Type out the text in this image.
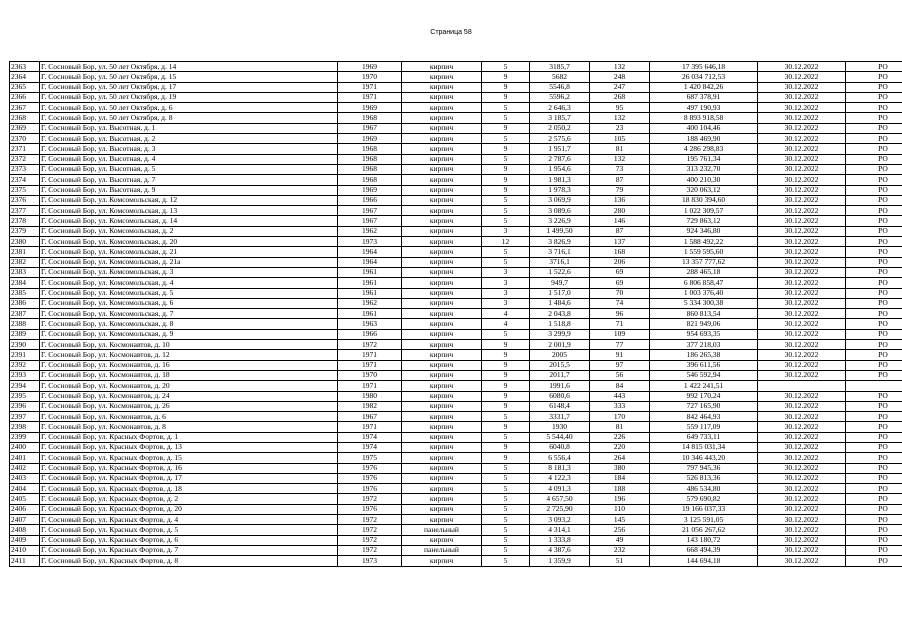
Страница 58
2363	Г. Сосновый Бор, ул. 50 лет Октября, д. 14	1969	кирпич	5	3185,7	132	17 395 646,18	30.12.2022	РО
2364	Г. Сосновый Бор, ул. 50 лет Октября, д. 15	1970	кирпич	9	5682	248	26 034 712,53	30.12.2022	РО
2365	Г. Сосновый Бор, ул. 50 лет Октября, д. 17	1971	кирпич	9	5546,8	247	1 420 842,26	30.12.2022	РО
2366	Г. Сосновый Бор, ул. 50 лет Октября, д. 19	1971	кирпич	9	5596,2	268	687 378,91	30.12.2022	РО
2367	Г. Сосновый Бор, ул. 50 лет Октября, д. 6	1969	кирпич	5	2 646,3	95	497 190,93	30.12.2022	РО
2368	Г. Сосновый Бор, ул. 50 лет Октября, д. 8	1968	кирпич	5	3 185,7	132	8 893 918,58	30.12.2022	РО
2369	Г. Сосновый Бор, ул. Высотная, д. 1	1967	кирпич	9	2 050,2	23	400 104,46	30.12.2022	РО
2370	Г. Сосновый Бор, ул. Высотная, д. 2	1969	кирпич	5	2 575,6	105	188 469,90	30.12.2022	РО
2371	Г. Сосновый Бор, ул. Высотная, д. 3	1968	кирпич	9	1 951,7	81	4 286 298,83	30.12.2022	РО
2372	Г. Сосновый Бор, ул. Высотная, д. 4	1968	кирпич	5	2 787,6	132	195 761,34	30.12.2022	РО
2373	Г. Сосновый Бор, ул. Высотная, д. 5	1968	кирпич	9	1 954,6	73	313 232,70	30.12.2022	РО
2374	Г. Сосновый Бор, ул. Высотная, д. 7	1968	кирпич	9	1 981,3	87	400 210,30	30.12.2022	РО
2375	Г. Сосновый Бор, ул. Высотная, д. 9	1969	кирпич	9	1 978,3	79	320 063,12	30.12.2022	РО
2376	Г. Сосновый Бор, ул. Комсомольская, д. 12	1966	кирпич	5	3 069,9	136	18 830 394,60	30.12.2022	РО
2377	Г. Сосновый Бор, ул. Комсомольская, д. 13	1967	кирпич	5	3 089,6	280	1 022 309,57	30.12.2022	РО
2378	Г. Сосновый Бор, ул. Комсомольская, д. 14	1967	кирпич	5	3 226,9	146	729 863,12	30.12.2022	РО
2379	Г. Сосновый Бор, ул. Комсомольская, д. 2	1962	кирпич	3	1 499,50	87	924 346,80	30.12.2022	РО
2380	Г. Сосновый Бор, ул. Комсомольская, д. 20	1973	кирпич	12	3 826,9	137	1 588 492,22	30.12.2022	РО
2381	Г. Сосновый Бор, ул. Комсомольская, д. 21	1964	кирпич	5	3 716,1	168	1 559 595,60	30.12.2022	РО
2382	Г. Сосновый Бор, ул. Комсомольская, д. 21а	1964	кирпич	5	3716,1	206	13 357 777,62	30.12.2022	РО
2383	Г. Сосновый Бор, ул. Комсомольская, д. 3	1961	кирпич	3	1 522,6	69	288 465,18	30.12.2022	РО
2384	Г. Сосновый Бор, ул. Комсомольская, д. 4	1961	кирпич	3	949,7	69	6 806 858,47	30.12.2022	РО
2385	Г. Сосновый Бор, ул. Комсомольская, д. 5	1961	кирпич	3	1 517,0	70	1 003 376,40	30.12.2022	РО
2386	Г. Сосновый Бор, ул. Комсомольская, д. 6	1962	кирпич	3	1 484,6	74	5 334 300,38	30.12.2022	РО
2387	Г. Сосновый Бор, ул. Комсомольская, д. 7	1961	кирпич	4	2 043,8	96	860 813,54	30.12.2022	РО
2388	Г. Сосновый Бор, ул. Комсомольская, д. 8	1963	кирпич	4	1 518,8	71	821 949,06	30.12.2022	РО
2389	Г. Сосновый Бор, ул. Комсомольская, д. 9	1966	кирпич	5	3 299,9	109	954 693,35	30.12.2022	РО
2390	Г. Сосновый Бор, ул. Космонавтов, д. 10	1972	кирпич	9	2 001,9	77	377 218,03	30.12.2022	РО
2391	Г. Сосновый Бор, ул. Космонавтов, д. 12	1971	кирпич	9	2005	91	186 265,38	30.12.2022	РО
2392	Г. Сосновый Бор, ул. Космонавтов, д. 16	1971	кирпич	9	2015,5	97	396 611,56	30.12.2022	РО
2393	Г. Сосновый Бор, ул. Космонавтов, д. 18	1970	кирпич	9	2011,7	56	546 592,94	30.12.2022	РО
2394	Г. Сосновый Бор, ул. Космонавтов, д. 20	1971	кирпич	9	1991,6	84	1 422 241,51		
2395	Г. Сосновый Бор, ул. Космонавтов, д. 24	1980	кирпич	9	6080,6	443	992 170,24	30.12.2022	РО
2396	Г. Сосновый Бор, ул. Космонавтов, д. 26	1982	кирпич	9	6148,4	333	727 165,90	30.12.2022	РО
2397	Г. Сосновый Бор, ул. Космонавтов, д. 6	1967	кирпич	5	3331,7	170	842 464,93	30.12.2022	РО
2398	Г. Сосновый Бор, ул. Космонавтов, д. 8	1971	кирпич	9	1930	81	559 117,09	30.12.2022	РО
2399	Г. Сосновый Бор, ул. Красных Фортов, д. 1	1974	кирпич	5	5 544,40	226	649 733,11	30.12.2022	РО
2400	Г. Сосновый Бор, ул. Красных Фортов, д. 13	1974	кирпич	9	6040,8	220	14 815 031,34	30.12.2022	РО
2401	Г. Сосновый Бор, ул. Красных Фортов, д. 15	1975	кирпич	9	6 556,4	264	10 346 443,20	30.12.2022	РО
2402	Г. Сосновый Бор, ул. Красных Фортов, д. 16	1976	кирпич	5	8 181,3	380	797 945,36	30.12.2022	РО
2403	Г. Сосновый Бор, ул. Красных Фортов, д. 17	1976	кирпич	5	4 122,3	184	526 813,36	30.12.2022	РО
2404	Г. Сосновый Бор, ул. Красных Фортов, д. 18	1976	кирпич	5	4 091,3	188	486 534,80	30.12.2022	РО
2405	Г. Сосновый Бор, ул. Красных Фортов, д. 2	1972	кирпич	5	4 657,50	196	579 690,82	30.12.2022	РО
2406	Г. Сосновый Бор, ул. Красных Фортов, д. 20	1976	кирпич	5	2 725,90	110	19 166 037,33	30.12.2022	РО
2407	Г. Сосновый Бор, ул. Красных Фортов, д. 4	1972	кирпич	5	3 093,2	145	3 125 591,05	30.12.2022	РО
2408	Г. Сосновый Бор, ул. Красных Фортов, д. 5	1972	панельный	5	4 314,1	256	21 056 267,62	30.12.2022	РО
2409	Г. Сосновый Бор, ул. Красных Фортов, д. 6	1972	кирпич	5	1 333,8	49	143 180,72	30.12.2022	РО
2410	Г. Сосновый Бор, ул. Красных Фортов, д. 7	1972	панельный	5	4 387,6	232	668 494,39	30.12.2022	РО
2411	Г. Сосновый Бор, ул. Красных Фортов, д. 8	1973	кирпич	5	1 359,9	51	144 694,18	30.12.2022	РО
